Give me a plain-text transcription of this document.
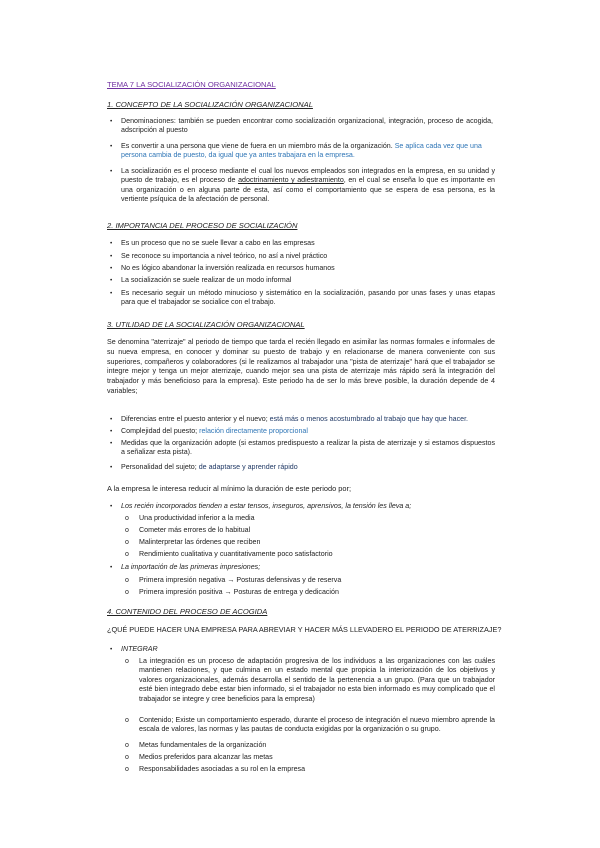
TEMA 7 LA SOCIALIZACIÓN ORGANIZACIONAL
1. CONCEPTO DE LA SOCIALIZACIÓN ORGANIZACIONAL
• Denominaciones: también se pueden encontrar como socialización organizacional, integración, proceso de acogida, adscripción al puesto
• Es convertir a una persona que viene de fuera en un miembro más de la organización. Se aplica cada vez que una persona cambia de puesto, da igual que ya antes trabajara en la empresa.
• La socialización es el proceso mediante el cual los nuevos empleados son integrados en la empresa, en su unidad y puesto de trabajo, es el proceso de adoctrinamiento y adiestramiento, en el cual se enseña lo que es importante en una organización o en alguna parte de esta, así como el comportamiento que se espera de esa persona, es la vertiente psíquica de la afectación de personal.
2. IMPORTANCIA DEL PROCESO DE SOCIALIZACIÓN
• Es un proceso que no se suele llevar a cabo en las empresas
• Se reconoce su importancia a nivel teórico, no así a nivel práctico
• No es lógico abandonar la inversión realizada en recursos humanos
• La socialización se suele realizar de un modo informal
• Es necesario seguir un método minucioso y sistemático en la socialización, pasando por unas fases y unas etapas para que el trabajador se socialice con el trabajo.
3. UTILIDAD DE LA SOCIALIZACIÓN ORGANIZACIONAL
Se denomina "aterrizaje" al periodo de tiempo que tarda el recién llegado en asimilar las normas formales e informales de su nueva empresa, en conocer y dominar su puesto de trabajo y en relacionarse de manera conveniente con sus superiores, compañeros y colaboradores (si le realizamos al trabajador una "pista de aterrizaje" hará que el trabajador se integre mejor y tenga un mejor aterrizaje, cuando mejor sea una pista de aterrizaje más rápido será la integración del trabajador y más beneficioso para la empresa). Este periodo ha de ser lo más breve posible, la duración depende de 4 variables;
• Diferencias entre el puesto anterior y el nuevo; está más o menos acostumbrado al trabajo que hay que hacer.
• Complejidad del puesto; relación directamente proporcional
• Medidas que la organización adopte (si estamos predispuesto a realizar la pista de aterrizaje y si estamos dispuestos a señalizar esta pista).
• Personalidad del sujeto; de adaptarse y aprender rápido
A la empresa le interesa reducir al mínimo la duración de este periodo por;
• Los recién incorporados tienden a estar tensos, inseguros, aprensivos, la tensión les lleva a;
o Una productividad inferior a la media
o Cometer más errores de lo habitual
o Malinterpretar las órdenes que reciben
o Rendimiento cualitativa y cuantitativamente poco satisfactorio
• La importación de las primeras impresiones;
o Primera impresión negativa → Posturas defensivas y de reserva
o Primera impresión positiva → Posturas de entrega y dedicación
4. CONTENIDO DEL PROCESO DE ACOGIDA
¿QUÉ PUEDE HACER UNA EMPRESA PARA ABREVIAR Y HACER MÁS LLEVADERO EL PERIODO DE ATERRIZAJE?
• INTEGRAR
o La integración es un proceso de adaptación progresiva de los individuos a las organizaciones con las cuáles mantienen relaciones, y que culmina en un estado mental que propicia la interiorización de los objetivos y valores organizacionales, además desarrolla el sentido de la pertenencia a un grupo. (Para que un trabajador esté bien integrado debe estar bien informado, si el trabajador no esta bien informado es muy complicado que el trabajador se integre y cree beneficios para la empresa)
o Contenido; Existe un comportamiento esperado, durante el proceso de integración el nuevo miembro aprende la escala de valores, las normas y las pautas de conducta exigidas por la organización o su grupo.
o Metas fundamentales de la organización
o Medios preferidos para alcanzar las metas
o Responsabilidades asociadas a su rol en la empresa
